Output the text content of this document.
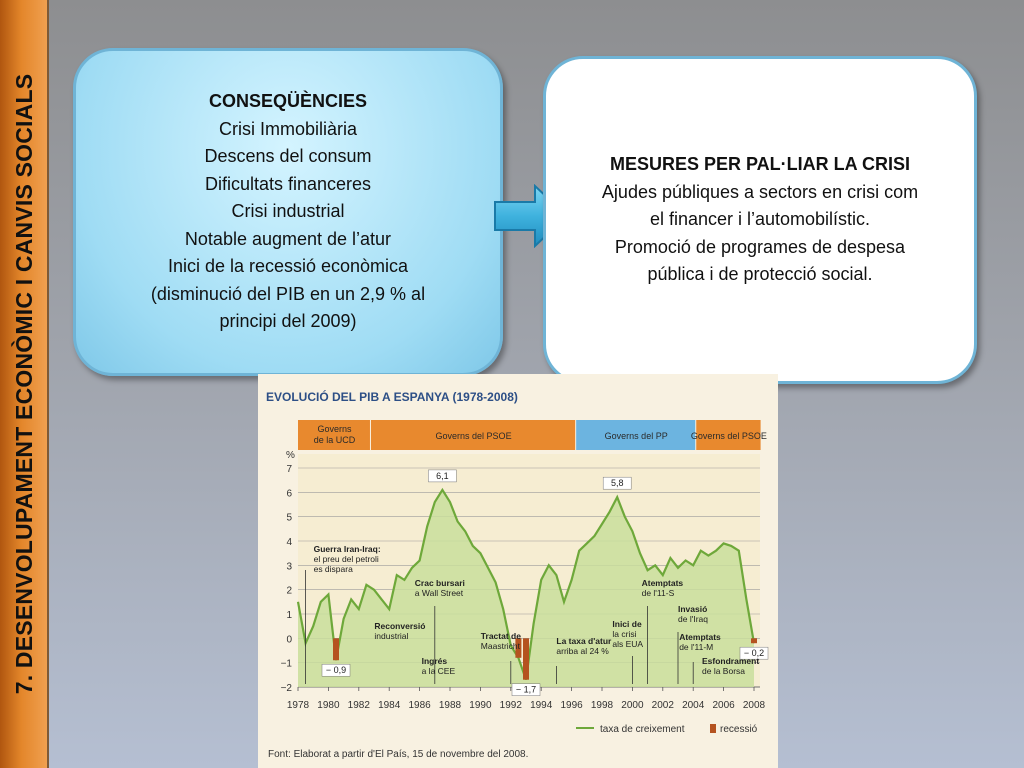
7. DESENVOLUPAMENT ECONÒMIC I CANVIS SOCIALS	CONSEQÜÈNCIES
Crisi Immobiliària
Descens del consum
Dificultats financeres
Crisi industrial
Notable augment de l’atur
Inici de la recessió econòmica
(disminució del PIB en un 2,9 % al
principi del 2009)
MESURES PER PAL·LIAR LA CRISI
Ajudes públiques a sectors en crisi com
el financer i l’automobilístic.
Promoció de programes de despesa
pública i de protecció social.
EVOLUCIÓ DEL PIB A ESPANYA (1978-2008)
Governs
de la UCD	Governs del PSOE	Governs del PP	Governs del PSOE
7
6
5
4
3
2
1
0
−1
−2
%
1978 1980 1982 1984 1986 1988 1990 1992 1994 1996 1998 2000 2002 2004 2006 2008
6,1
5,8
− 0,9
− 1,7
− 0,2
Guerra Iran-Iraq:
el preu del petroli
es dispara
Reconversió
industrial
Ingrés
a la CEE
Crac bursari
a Wall Street
Tractat de
Maastricht	La taxa d'atur
arriba al 24 %
Atemptats
de l'11-S
Inici de
la crisi
als EUA
Invasió
de l'Iraq
Atemptats
de l'11-M
Esfondrament
de la Borsa
taxa de creixement	recessió
Font: Elaborat a partir d'El País, 15 de novembre del 2008.
